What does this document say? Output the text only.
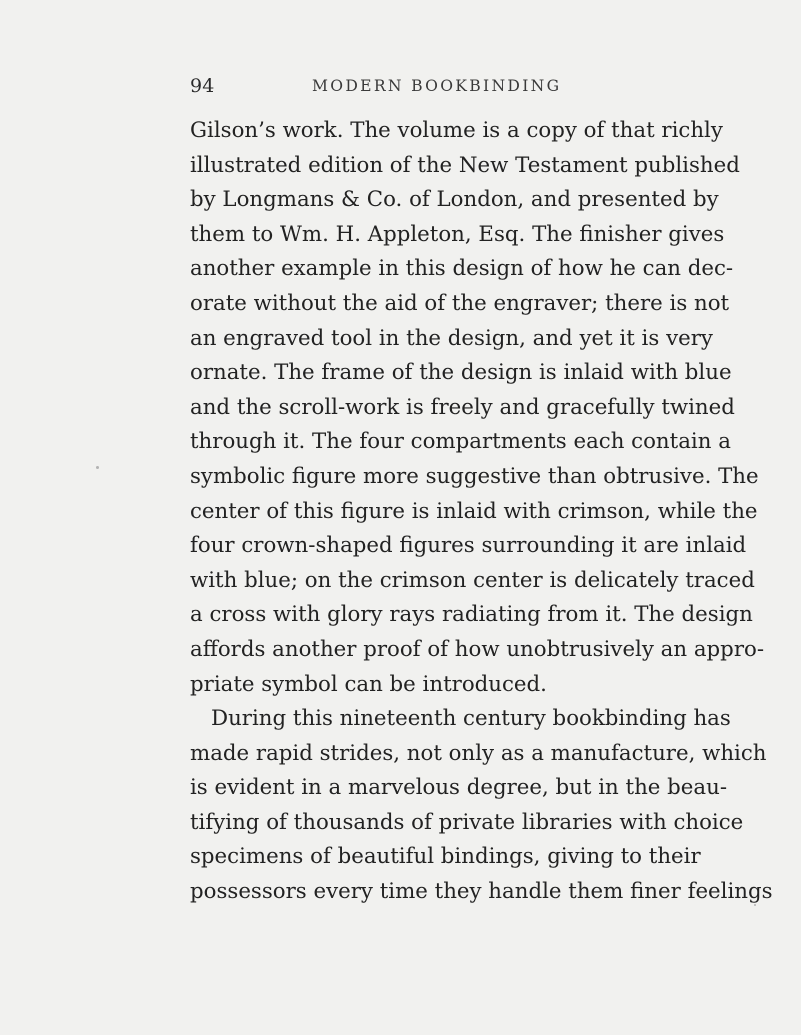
94	MODERN BOOKBINDING
Gilson’s work. The volume is a copy of that richly
illustrated edition of the New Testament published
by Longmans & Co. of London, and presented by
them to Wm. H. Appleton, Esq. The finisher gives
another example in this design of how he can dec-
orate without the aid of the engraver; there is not
an engraved tool in the design, and yet it is very
ornate. The frame of the design is inlaid with blue
and the scroll-work is freely and gracefully twined
through it. The four compartments each contain a
symbolic figure more suggestive than obtrusive. The
center of this figure is inlaid with crimson, while the
four crown-shaped figures surrounding it are inlaid
with blue; on the crimson center is delicately traced
a cross with glory rays radiating from it. The design
affords another proof of how unobtrusively an appro-
priate symbol can be introduced.
During this nineteenth century bookbinding has
made rapid strides, not only as a manufacture, which
is evident in a marvelous degree, but in the beau-
tifying of thousands of private libraries with choice
specimens of beautiful bindings, giving to their
possessors every time they handle them finer feelings
